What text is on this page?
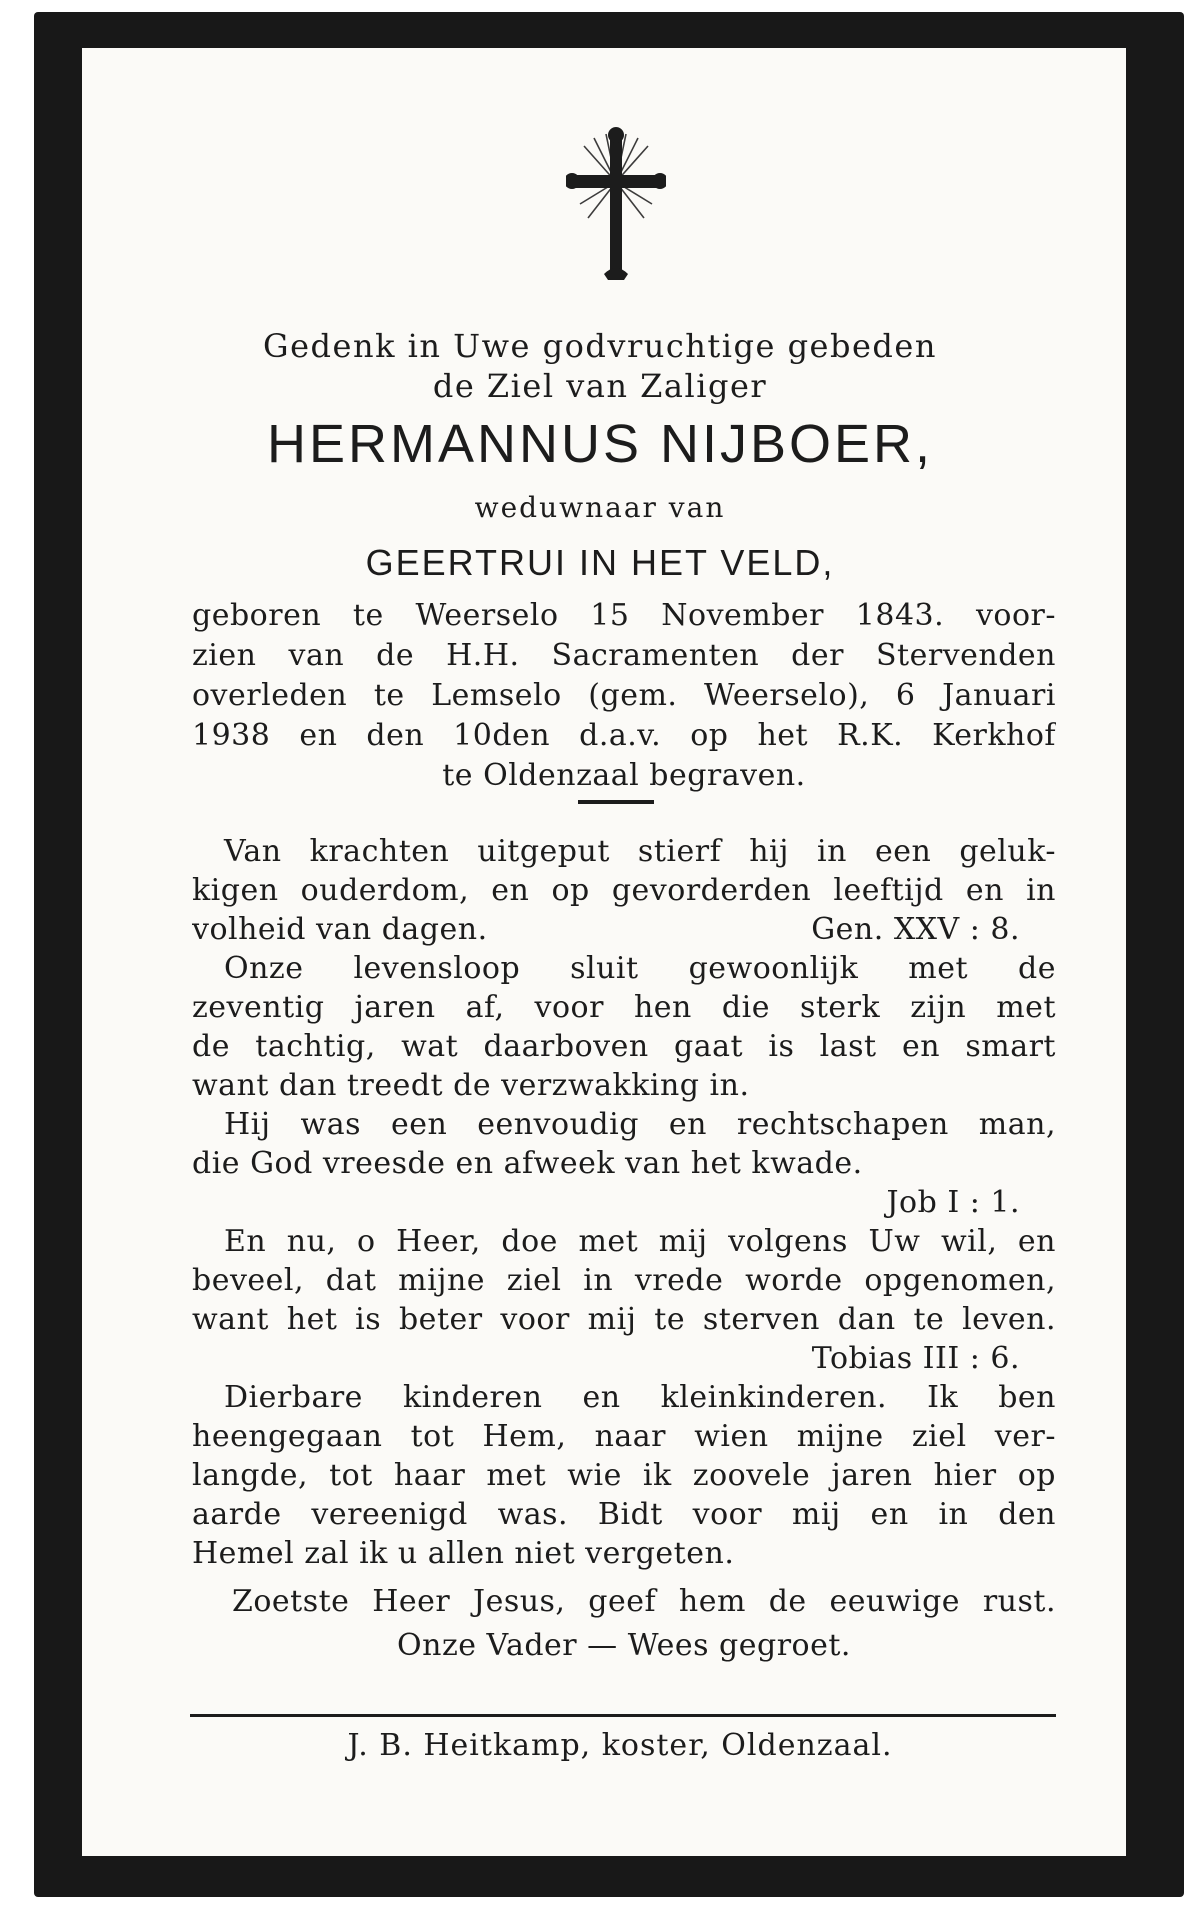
Gedenk in Uwe godvruchtige gebeden
de Ziel van Zaliger
HERMANNUS NIJBOER,
weduwnaar van
GEERTRUI IN HET VELD,
geboren te Weerselo 15 November 1843. voor-
zien van de H.H. Sacramenten der Stervenden
overleden te Lemselo (gem. Weerselo), 6 Januari
1938 en den 10den d.a.v. op het R.K. Kerkhof
te Oldenzaal begraven.
Van krachten uitgeput stierf hij in een geluk-
kigen ouderdom, en op gevorderden leeftijd en in
volheid van dagen.	Gen. XXV : 8.
Onze levensloop sluit gewoonlijk met de
zeventig jaren af, voor hen die sterk zijn met
de tachtig, wat daarboven gaat is last en smart
want dan treedt de verzwakking in.
Hij was een eenvoudig en rechtschapen man,
die God vreesde en afweek van het kwade.
Job I : 1.
En nu, o Heer, doe met mij volgens Uw wil, en
beveel, dat mijne ziel in vrede worde opgenomen,
want het is beter voor mij te sterven dan te leven.
Tobias III : 6.
Dierbare kinderen en kleinkinderen. Ik ben
heengegaan tot Hem, naar wien mijne ziel ver-
langde, tot haar met wie ik zoovele jaren hier op
aarde vereenigd was. Bidt voor mij en in den
Hemel zal ik u allen niet vergeten.
Zoetste Heer Jesus, geef hem de eeuwige rust.
Onze Vader — Wees gegroet.
J. B. Heitkamp, koster, Oldenzaal.
